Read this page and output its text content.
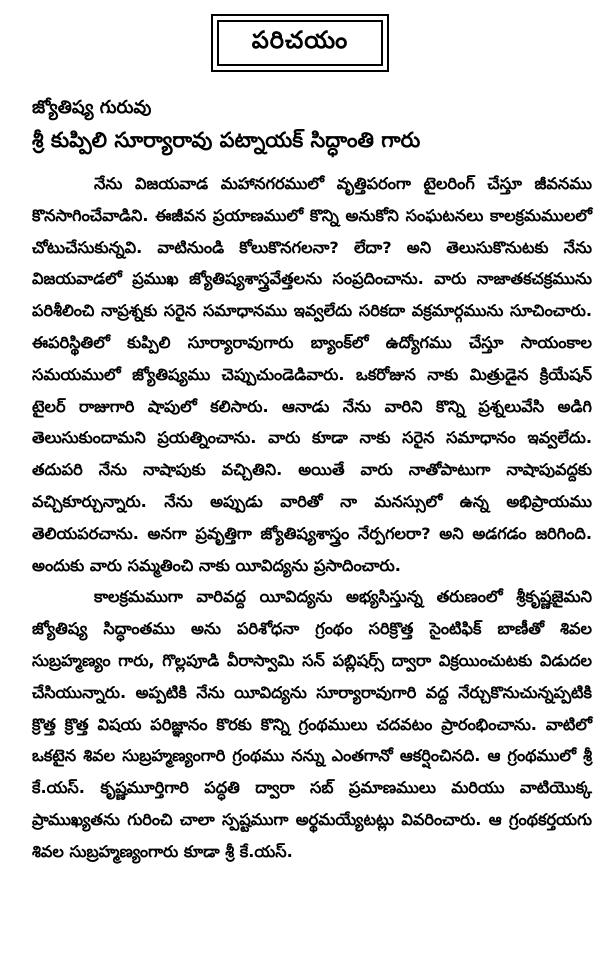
పరిచయం
జ్యోతిష్య గురువు
శ్రీ కుప్పిలి సూర్యారావు పట్నాయక్ సిద్ధాంతి గారు

నేను విజయవాడ మహానగరములో వృత్తిపరంగా టైలరింగ్ చేస్తూ జీవనము కొనసాగించేవాడిని. ఈజీవన ప్రయాణములో కొన్ని అనుకోని సంఘటనలు కాలక్రమములలో చోటుచేసుకున్నవి. వాటినుండి కోలుకొనగలనా? లేదా? అని తెలుసుకొనుటకు నేను విజయవాడలో ప్రముఖ జ్యోతిష్యశాస్త్రవేత్తలను సంప్రదించాను. వారు నాజాతకచక్రమును పరిశీలించి నాప్రశ్నకు సరైన సమాధానము ఇవ్వలేదు సరికదా వక్రమార్గమును సూచించారు. ఈపరిస్థితిలో కుప్పిలి సూర్యారావుగారు బ్యాంక్‌లో ఉద్యోగము చేస్తూ సాయంకాల సమయములో జ్యోతిష్యము చెప్పుచుండెడివారు. ఒకరోజున నాకు మిత్రుడైన క్రియేషన్ టైలర్ రాజుగారి షాపులో కలిసారు. ఆనాడు నేను వారిని కొన్ని ప్రశ్నలువేసి అడిగి తెలుసుకుందామని ప్రయత్నించాను. వారు కూడా నాకు సరైన సమాధానం ఇవ్వలేదు. తదుపరి నేను నాషాపుకు వచ్చితిని. అయితే వారు నాతోపాటుగా నాషాపువద్దకు వచ్చికూర్చున్నారు. నేను అప్పుడు వారితో నా మనస్సులో ఉన్న అభిప్రాయము తెలియపరచాను. అనగా ప్రవృత్తిగా జ్యోతిష్యశాస్త్రం నేర్పగలరా? అని అడగడం జరిగింది. అందుకు వారు సమ్మతించి నాకు యీవిద్యను ప్రసాదించారు.

కాలక్రమముగా వారివద్ద యీవిద్యను అభ్యసిస్తున్న తరుణంలో శ్రీకృష్ణజైమని జ్యోతిష్య సిద్ధాంతము అను పరిశోధనా గ్రంథం సరిక్రొత్త సైంటిఫిక్ బాణీతో శివల సుబ్రహ్మణ్యం గారు, గొల్లపూడి వీరాస్వామి సన్ పబ్లిషర్స్ ద్వారా విక్రయించుటకు విడుదల చేసియున్నారు. అప్పటికి నేను యీవిద్యను సూర్యారావుగారి వద్ద నేర్చుకొనుచున్నప్పటికి క్రొత్త క్రొత్త విషయ పరిజ్ఞానం కొరకు కొన్ని గ్రంథములు చదవటం ప్రారంభించాను. వాటిలో ఒకటైన శివల సుబ్రహ్మణ్యంగారి గ్రంథము నన్ను ఎంతగానో ఆకర్షించినది. ఆ గ్రంథములో శ్రీ కే.యస్. కృష్ణమూర్తిగారి పద్ధతి ద్వారా సబ్ ప్రమాణములు మరియు వాటియొక్క ప్రాముఖ్యతను గురించి చాలా స్పష్టముగా అర్థమయ్యేటట్లు వివరించారు. ఆ గ్రంథకర్తయగు శివల సుబ్రహ్మణ్యంగారు కూడా శ్రీ కే.యస్.
